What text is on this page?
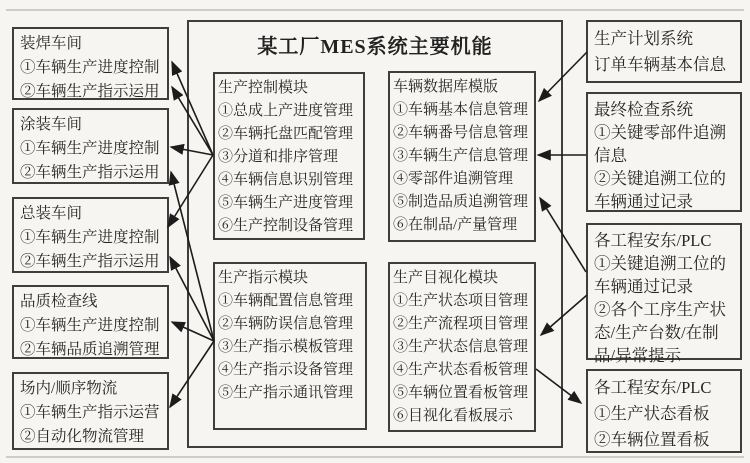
某工厂MES系统主要机能
生产控制模块
①总成上产进度管理
②车辆托盘匹配管理
③分道和排序管理
④车辆信息识别管理
⑤车辆生产进度管理
⑥生产控制设备管理
车辆数据库模版
①车辆基本信息管理
②车辆番号信息管理
③车辆生产信息管理
④零部件追溯管理
⑤制造品质追溯管理
⑥在制品/产量管理
生产指示模块
①车辆配置信息管理
②车辆防误信息管理
③生产指示模板管理
④生产指示设备管理
⑤生产指示通讯管理
生产目视化模块
①生产状态项目管理
②生产流程项目管理
③生产状态信息管理
④生产状态看板管理
⑤车辆位置看板管理
⑥目视化看板展示
装焊车间
①车辆生产进度控制
②车辆生产指示运用
涂装车间
①车辆生产进度控制
②车辆生产指示运用
总装车间
①车辆生产进度控制
②车辆生产指示运用
品质检查线
①车辆生产进度控制
②车辆品质追溯管理
场内/顺序物流
①车辆生产指示运营
②自动化物流管理
生产计划系统
订单车辆基本信息
最终检查系统
①关键零部件追溯信息
②关键追溯工位的车辆通过记录
各工程安东/PLC
①关键追溯工位的车辆通过记录
②各个工序生产状态/生产台数/在制品/异常提示
各工程安东/PLC
①生产状态看板
②车辆位置看板
